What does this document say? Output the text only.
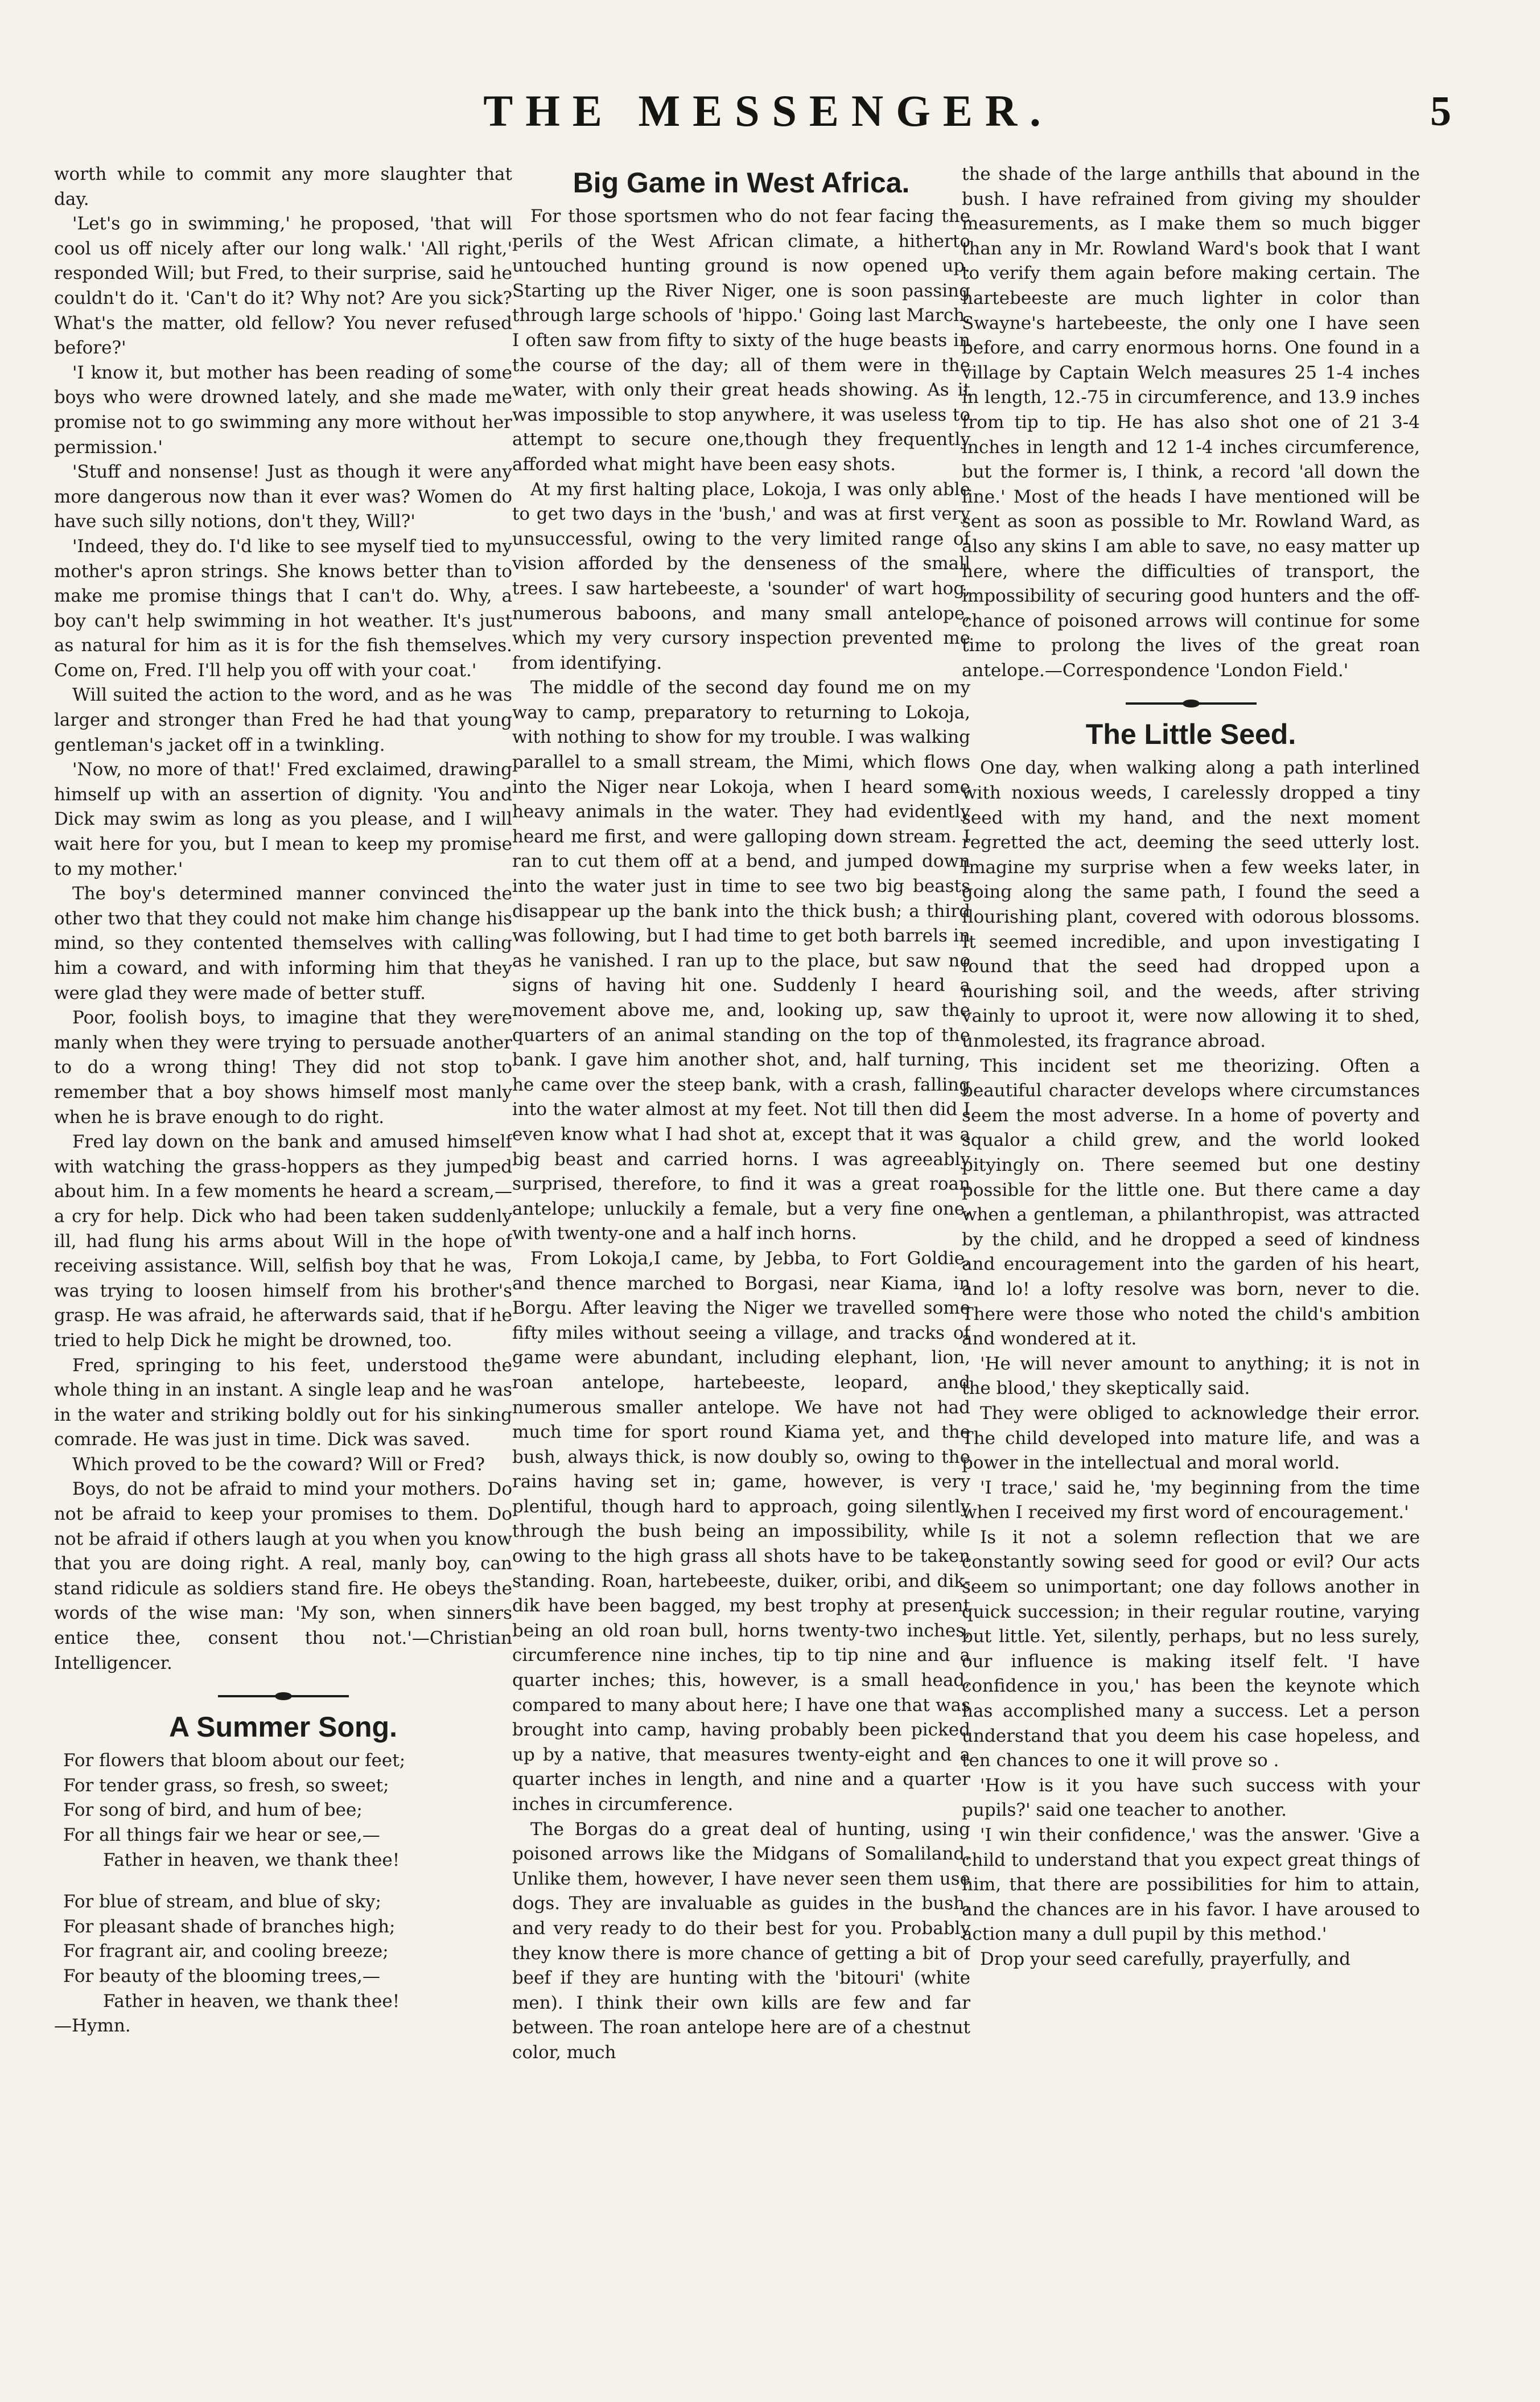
THE MESSENGER.	5

worth while to commit any more slaughter that day.

'Let's go in swimming,' he proposed, 'that will cool us off nicely after our long walk.' 'All right,' responded Will; but Fred, to their surprise, said he couldn't do it. 'Can't do it? Why not? Are you sick? What's the matter, old fellow? You never refused before?'

'I know it, but mother has been reading of some boys who were drowned lately, and she made me promise not to go swimming any more without her permission.'

'Stuff and nonsense! Just as though it were any more dangerous now than it ever was? Women do have such silly notions, don't they, Will?'

'Indeed, they do. I'd like to see myself tied to my mother's apron strings. She knows better than to make me promise things that I can't do. Why, a boy can't help swimming in hot weather. It's just as natural for him as it is for the fish themselves. Come on, Fred. I'll help you off with your coat.'

Will suited the action to the word, and as he was larger and stronger than Fred he had that young gentleman's jacket off in a twinkling.

'Now, no more of that!' Fred exclaimed, drawing himself up with an assertion of dignity. 'You and Dick may swim as long as you please, and I will wait here for you, but I mean to keep my promise to my mother.'

The boy's determined manner convinced the other two that they could not make him change his mind, so they contented themselves with calling him a coward, and with informing him that they were glad they were made of better stuff.

Poor, foolish boys, to imagine that they were manly when they were trying to persuade another to do a wrong thing! They did not stop to remember that a boy shows himself most manly when he is brave enough to do right.

Fred lay down on the bank and amused himself with watching the grass-hoppers as they jumped about him. In a few moments he heard a scream,—a cry for help. Dick who had been taken suddenly ill, had flung his arms about Will in the hope of receiving assistance. Will, selfish boy that he was, was trying to loosen himself from his brother's grasp. He was afraid, he afterwards said, that if he tried to help Dick he might be drowned, too.

Fred, springing to his feet, understood the whole thing in an instant. A single leap and he was in the water and striking boldly out for his sinking comrade. He was just in time. Dick was saved.

Which proved to be the coward? Will or Fred?

Boys, do not be afraid to mind your mothers. Do not be afraid to keep your promises to them. Do not be afraid if others laugh at you when you know that you are doing right. A real, manly boy, can stand ridicule as soldiers stand fire. He obeys the words of the wise man: 'My son, when sinners entice thee, consent thou not.'—Christian Intelligencer.

A Summer Song.
For flowers that bloom about our feet;
For tender grass, so fresh, so sweet;
For song of bird, and hum of bee;
For all things fair we hear or see,—
Father in heaven, we thank thee!
For blue of stream, and blue of sky;
For pleasant shade of branches high;
For fragrant air, and cooling breeze;
For beauty of the blooming trees,—
Father in heaven, we thank thee!
—Hymn.
Big Game in West Africa.

For those sportsmen who do not fear facing the perils of the West African climate, a hitherto untouched hunting ground is now opened up. Starting up the River Niger, one is soon passing through large schools of 'hippo.' Going last March, I often saw from fifty to sixty of the huge beasts in the course of the day; all of them were in the water, with only their great heads showing. As it was impossible to stop anywhere, it was useless to attempt to secure one,though they frequently afforded what might have been easy shots.

At my first halting place, Lokoja, I was only able to get two days in the 'bush,' and was at first very unsuccessful, owing to the very limited range of vision afforded by the denseness of the small trees. I saw hartebeeste, a 'sounder' of wart hog, numerous baboons, and many small antelope, which my very cursory inspection prevented me from identifying.

The middle of the second day found me on my way to camp, preparatory to returning to Lokoja, with nothing to show for my trouble. I was walking parallel to a small stream, the Mimi, which flows into the Niger near Lokoja, when I heard some heavy animals in the water. They had evidently heard me first, and were galloping down stream. I ran to cut them off at a bend, and jumped down into the water just in time to see two big beasts disappear up the bank into the thick bush; a third was following, but I had time to get both barrels in as he vanished. I ran up to the place, but saw no signs of having hit one. Suddenly I heard a movement above me, and, looking up, saw the quarters of an animal standing on the top of the bank. I gave him another shot, and, half turning, he came over the steep bank, with a crash, falling into the water almost at my feet. Not till then did I even know what I had shot at, except that it was a big beast and carried horns. I was agreeably surprised, therefore, to find it was a great roan antelope; unluckily a female, but a very fine one, with twenty-one and a half inch horns.

From Lokoja,I came, by Jebba, to Fort Goldie, and thence marched to Borgasi, near Kiama, in Borgu. After leaving the Niger we travelled some fifty miles without seeing a village, and tracks of game were abundant, including elephant, lion, roan antelope, hartebeeste, leopard, and numerous smaller antelope. We have not had much time for sport round Kiama yet, and the bush, always thick, is now doubly so, owing to the rains having set in; game, however, is very plentiful, though hard to approach, going silently through the bush being an impossibility, while owing to the high grass all shots have to be taken standing. Roan, hartebeeste, duiker, oribi, and dik-dik have been bagged, my best trophy at present being an old roan bull, horns twenty-two inches, circumference nine inches, tip to tip nine and a quarter inches; this, however, is a small head, compared to many about here; I have one that was brought into camp, having probably been picked up by a native, that measures twenty-eight and a quarter inches in length, and nine and a quarter inches in circumference.

The Borgas do a great deal of hunting, using poisoned arrows like the Midgans of Somaliland. Unlike them, however, I have never seen them use dogs. They are invaluable as guides in the bush, and very ready to do their best for you. Probably they know there is more chance of getting a bit of beef if they are hunting with the 'bitouri' (white men). I think their own kills are few and far between. The roan antelope here are of a chestnut color, much

the shade of the large anthills that abound in the bush. I have refrained from giving my shoulder measurements, as I make them so much bigger than any in Mr. Rowland Ward's book that I want to verify them again before making certain. The hartebeeste are much lighter in color than Swayne's hartebeeste, the only one I have seen before, and carry enormous horns. One found in a village by Captain Welch measures 25 1-4 inches in length, 12.-75 in circumference, and 13.9 inches from tip to tip. He has also shot one of 21 3-4 inches in length and 12 1-4 inches circumference, but the former is, I think, a record 'all down the line.' Most of the heads I have mentioned will be sent as soon as possible to Mr. Rowland Ward, as also any skins I am able to save, no easy matter up here, where the difficulties of transport, the impossibility of securing good hunters and the off-chance of poisoned arrows will continue for some time to prolong the lives of the great roan antelope.—Correspondence 'London Field.'

The Little Seed.

One day, when walking along a path interlined with noxious weeds, I carelessly dropped a tiny seed with my hand, and the next moment regretted the act, deeming the seed utterly lost. Imagine my surprise when a few weeks later, in going along the same path, I found the seed a flourishing plant, covered with odorous blossoms. It seemed incredible, and upon investigating I found that the seed had dropped upon a nourishing soil, and the weeds, after striving vainly to uproot it, were now allowing it to shed, unmolested, its fragrance abroad.

This incident set me theorizing. Often a beautiful character develops where circumstances seem the most adverse. In a home of poverty and squalor a child grew, and the world looked pityingly on. There seemed but one destiny possible for the little one. But there came a day when a gentleman, a philanthropist, was attracted by the child, and he dropped a seed of kindness and encouragement into the garden of his heart, and lo! a lofty resolve was born, never to die. There were those who noted the child's ambition and wondered at it.

'He will never amount to anything; it is not in the blood,' they skeptically said.

They were obliged to acknowledge their error. The child developed into mature life, and was a power in the intellectual and moral world.

'I trace,' said he, 'my beginning from the time when I received my first word of encouragement.'

Is it not a solemn reflection that we are constantly sowing seed for good or evil? Our acts seem so unimportant; one day follows another in quick succession; in their regular routine, varying but little. Yet, silently, perhaps, but no less surely, our influence is making itself felt. 'I have confidence in you,' has been the keynote which has accomplished many a success. Let a person understand that you deem his case hopeless, and ten chances to one it will prove so .

'How is it you have such success with your pupils?' said one teacher to another.

'I win their confidence,' was the answer. 'Give a child to understand that you expect great things of him, that there are possibilities for him to attain, and the chances are in his favor. I have aroused to action many a dull pupil by this method.'

Drop your seed carefully, prayerfully, and
